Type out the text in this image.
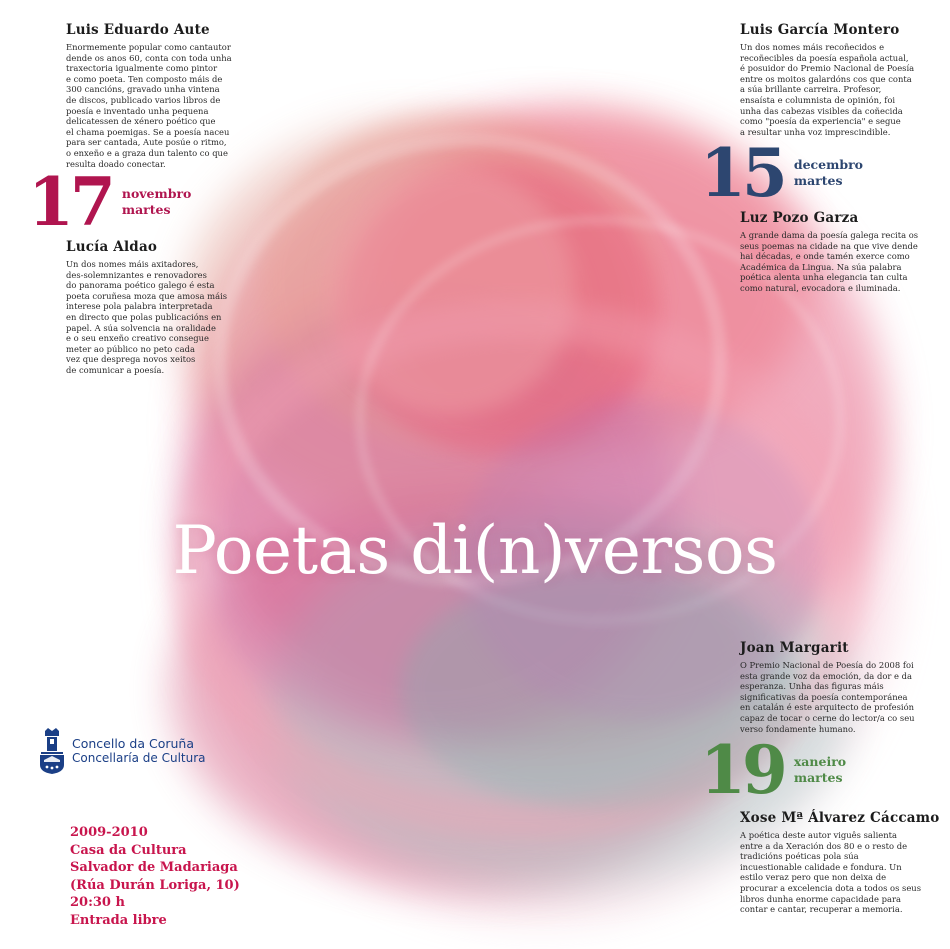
Luis Eduardo Aute

Enormemente popular como cantautor
dende os anos 60, conta con toda unha
traxectoria igualmente como pintor
e como poeta. Ten composto máis de
300 cancións, gravado unha vintena
de discos, publicado varios libros de
poesía e inventado unha pequena
delicatessen de xénero poético que
el chama poemigas. Se a poesía naceu
para ser cantada, Aute posúe o ritmo,
o enxeño e a graza dun talento co que
resulta doado conectar.

17 novembro
martes
Lucía Aldao

Un dos nomes máis axitadores,
des-solemnizantes e renovadores
do panorama poético galego é esta
poeta coruñesa moza que amosa máis
interese pola palabra interpretada
en directo que polas publicacións en
papel. A súa solvencia na oralidade
e o seu enxeño creativo consegue
meter ao público no peto cada
vez que desprega novos xeitos
de comunicar a poesía.

Luis García Montero

Un dos nomes máis recoñecidos e
recoñecibles da poesía española actual,
é posuidor do Premio Nacional de Poesía
entre os moitos galardóns cos que conta
a súa brillante carreira. Profesor,
ensaísta e columnista de opinión, foi
unha das cabezas visibles da coñecida
como "poesía da experiencia" e segue
a resultar unha voz imprescindible.

15 decembro
martes
Luz Pozo Garza

A grande dama da poesía galega recita os
seus poemas na cidade na que vive dende
hai décadas, e onde tamén exerce como
Académica da Lingua. Na súa palabra
poética alenta unha elegancia tan culta
como natural, evocadora e iluminada.

Poetas di(n)versos
Joan Margarit

O Premio Nacional de Poesía do 2008 foi
esta grande voz da emoción, da dor e da
esperanza. Unha das figuras máis
significativas da poesía contemporánea
en catalán é este arquitecto de profesión
capaz de tocar o cerne do lector/a co seu
verso fondamente humano.

19 xaneiro
martes
Xose Mª Álvarez Cáccamo

A poética deste autor viguês salienta
entre a da Xeración dos 80 e o resto de
tradicións poéticas pola súa
incuestionable calidade e fondura. Un
estilo veraz pero que non deixa de
procurar a excelencia dota a todos os seus
libros dunha enorme capacidade para
contar e cantar, recuperar a memoria.

Concello da Coruña
Concellaría de Cultura
2009-2010
Casa da Cultura
Salvador de Madariaga
(Rúa Durán Loriga, 10)
20:30 h
Entrada libre
